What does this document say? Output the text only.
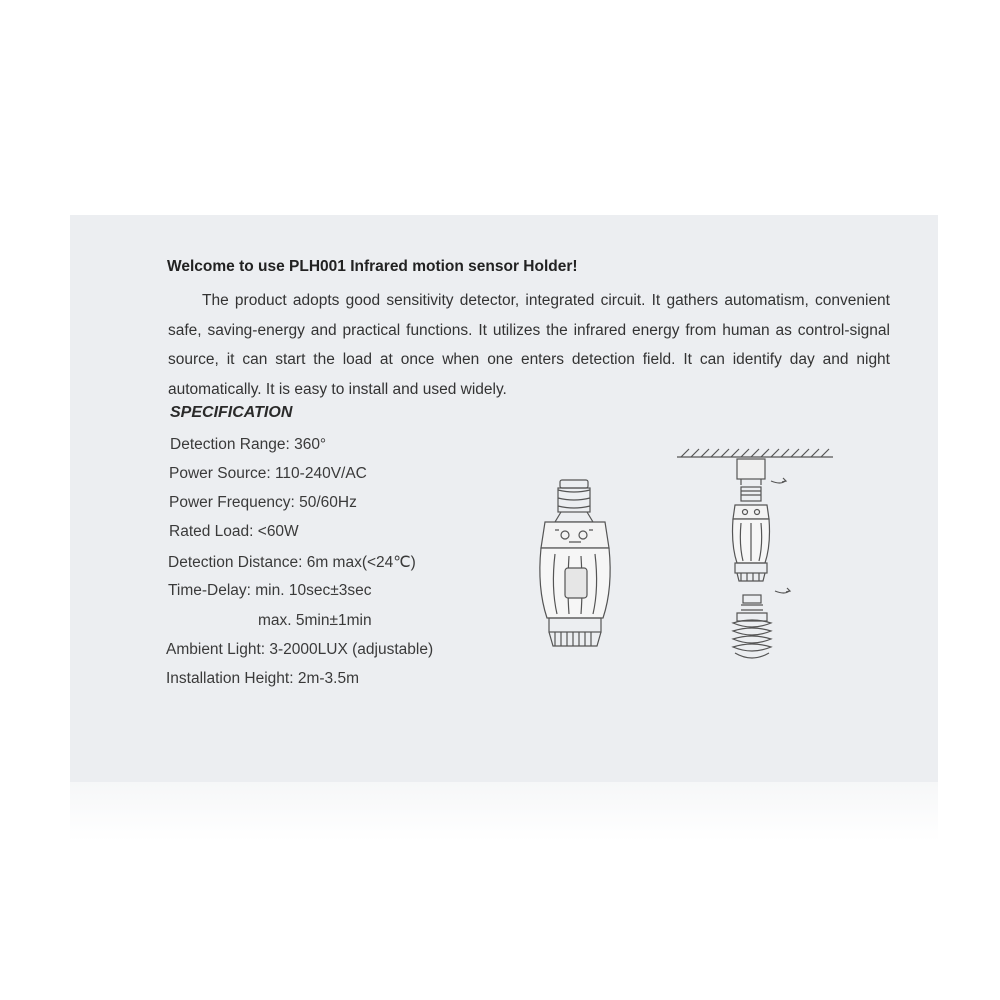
Welcome to use PLH001 Infrared motion sensor Holder!
The product adopts good sensitivity detector, integrated circuit. It gathers automatism, convenient safe, saving-energy and practical functions. It utilizes the infrared energy from human as control-signal source, it can start the load at once when one enters detection field. It can identify day and night automatically. It is easy to install and used widely.
SPECIFICATION
Detection Range: 360°
Power Source: 110-240V/AC
Power Frequency: 50/60Hz
Rated Load: <60W
Detection Distance: 6m max(<24℃)
Time-Delay: min. 10sec±3sec
max. 5min±1min
Ambient Light: 3-2000LUX (adjustable)
Installation Height: 2m-3.5m
